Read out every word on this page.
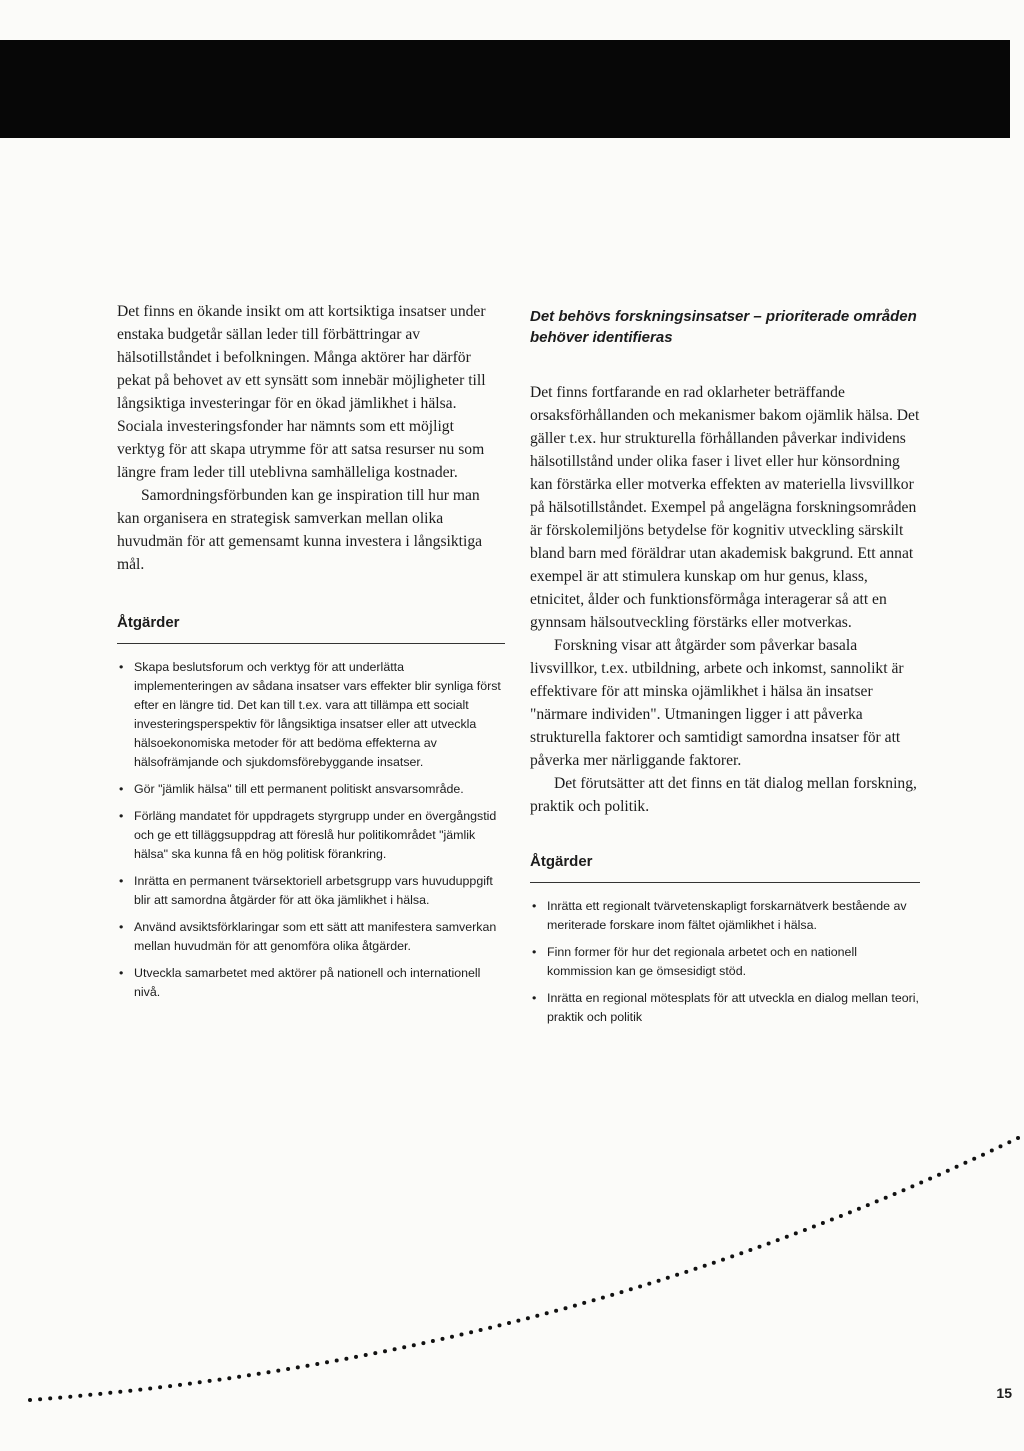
Det finns en ökande insikt om att kortsiktiga insatser under enstaka budgetår sällan leder till förbättringar av hälsotillståndet i befolkningen. Många aktörer har därför pekat på behovet av ett synsätt som innebär möjligheter till långsiktiga investeringar för en ökad jämlikhet i hälsa. Sociala investeringsfonder har nämnts som ett möjligt verktyg för att skapa utrymme för att satsa resurser nu som längre fram leder till uteblivna samhälleliga kostnader.

Samordningsförbunden kan ge inspiration till hur man kan organisera en strategisk samverkan mellan olika huvudmän för att gemensamt kunna investera i långsiktiga mål.

Åtgärder
• Skapa beslutsforum och verktyg för att underlätta implementeringen av sådana insatser vars effekter blir synliga först efter en längre tid. Det kan till t.ex. vara att tillämpa ett socialt investeringsperspektiv för långsiktiga insatser eller att utveckla hälsoekonomiska metoder för att bedöma effekterna av hälsofrämjande och sjukdomsförebyggande insatser.
• Gör "jämlik hälsa" till ett permanent politiskt ansvarsområde.
• Förläng mandatet för uppdragets styrgrupp under en övergångstid och ge ett tilläggsuppdrag att föreslå hur politikområdet "jämlik hälsa" ska kunna få en hög politisk förankring.
• Inrätta en permanent tvärsektoriell arbetsgrupp vars huvuduppgift blir att samordna åtgärder för att öka jämlikhet i hälsa.
• Använd avsiktsförklaringar som ett sätt att manifestera samverkan mellan huvudmän för att genomföra olika åtgärder.
• Utveckla samarbetet med aktörer på nationell och internationell nivå.
Det behövs forskningsinsatser – prioriterade områden behöver identifieras

Det finns fortfarande en rad oklarheter beträffande orsaksförhållanden och mekanismer bakom ojämlik hälsa. Det gäller t.ex. hur strukturella förhållanden påverkar individens hälsotillstånd under olika faser i livet eller hur könsordning kan förstärka eller motverka effekten av materiella livsvillkor på hälsotillståndet. Exempel på angelägna forskningsområden är förskolemiljöns betydelse för kognitiv utveckling särskilt bland barn med föräldrar utan akademisk bakgrund. Ett annat exempel är att stimulera kunskap om hur genus, klass, etnicitet, ålder och funktionsförmåga interagerar så att en gynnsam hälsoutveckling förstärks eller motverkas.

Forskning visar att åtgärder som påverkar basala livsvillkor, t.ex. utbildning, arbete och inkomst, sannolikt är effektivare för att minska ojämlikhet i hälsa än insatser "närmare individen". Utmaningen ligger i att påverka strukturella faktorer och samtidigt samordna insatser för att påverka mer närliggande faktorer.

Det förutsätter att det finns en tät dialog mellan forskning, praktik och politik.

Åtgärder
• Inrätta ett regionalt tvärvetenskapligt forskarnätverk bestående av meriterade forskare inom fältet ojämlikhet i hälsa.
• Finn former för hur det regionala arbetet och en nationell kommission kan ge ömsesidigt stöd.
• Inrätta en regional mötesplats för att utveckla en dialog mellan teori, praktik och politik
15
